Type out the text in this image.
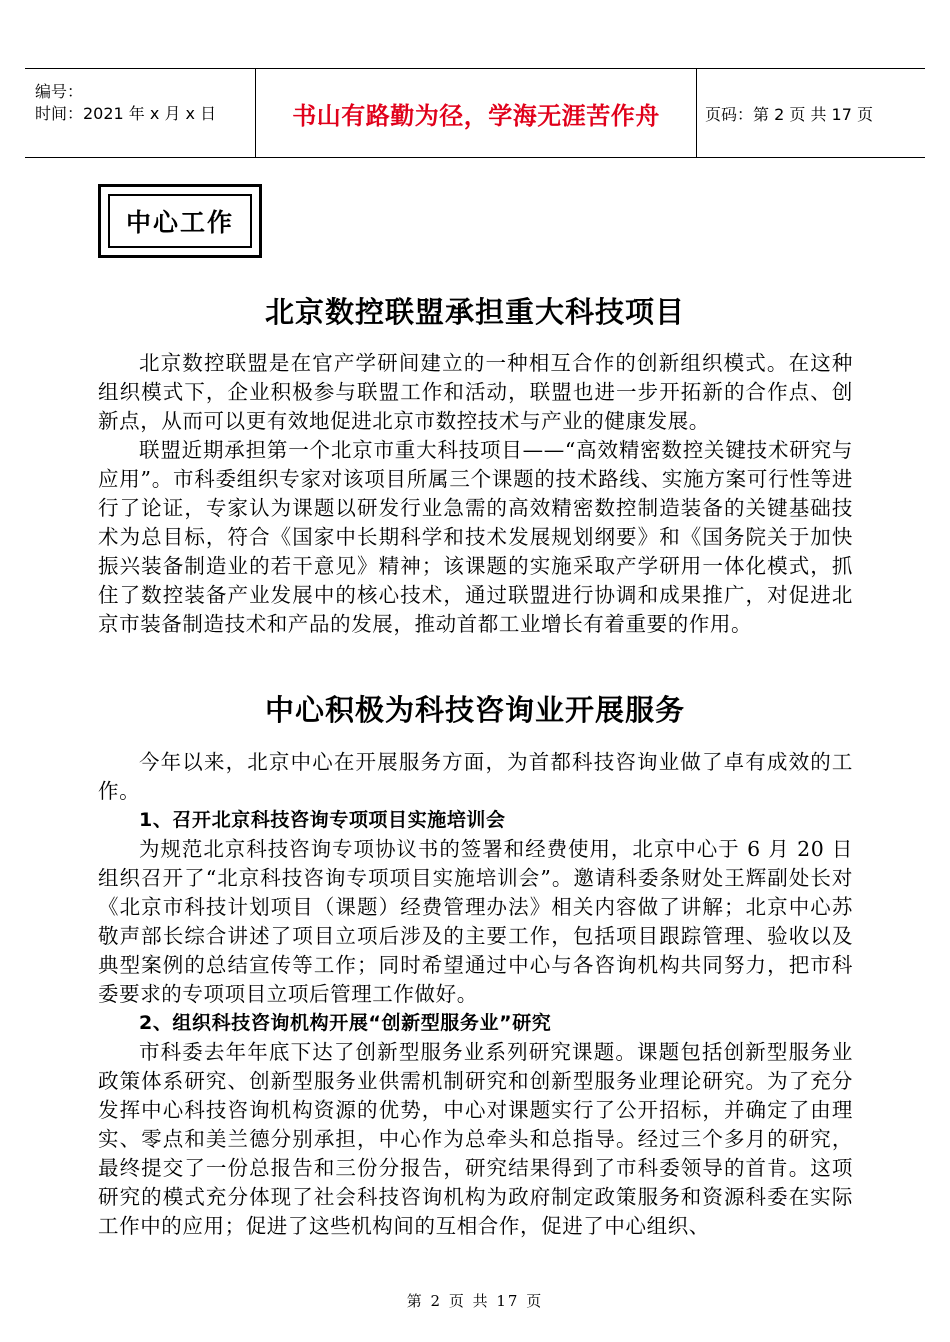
编号：
时间：2021 年 x 月 x 日	书山有路勤为径，学海无涯苦作舟	页码：第 2 页 共 17 页
中心工作
北京数控联盟承担重大科技项目

北京数控联盟是在官产学研间建立的一种相互合作的创新组织模式。在这种组织模式下，企业积极参与联盟工作和活动，联盟也进一步开拓新的合作点、创新点，从而可以更有效地促进北京市数控技术与产业的健康发展。

联盟近期承担第一个北京市重大科技项目——“高效精密数控关键技术研究与应用”。市科委组织专家对该项目所属三个课题的技术路线、实施方案可行性等进行了论证，专家认为课题以研发行业急需的高效精密数控制造装备的关键基础技术为总目标，符合《国家中长期科学和技术发展规划纲要》和《国务院关于加快振兴装备制造业的若干意见》精神；该课题的实施采取产学研用一体化模式，抓住了数控装备产业发展中的核心技术，通过联盟进行协调和成果推广，对促进北京市装备制造技术和产品的发展，推动首都工业增长有着重要的作用。

中心积极为科技咨询业开展服务

今年以来，北京中心在开展服务方面，为首都科技咨询业做了卓有成效的工作。

1、召开北京科技咨询专项项目实施培训会

为规范北京科技咨询专项协议书的签署和经费使用，北京中心于 6 月 20 日组织召开了“北京科技咨询专项项目实施培训会”。邀请科委条财处王辉副处长对《北京市科技计划项目（课题）经费管理办法》相关内容做了讲解；北京中心苏敬声部长综合讲述了项目立项后涉及的主要工作，包括项目跟踪管理、验收以及典型案例的总结宣传等工作；同时希望通过中心与各咨询机构共同努力，把市科委要求的专项项目立项后管理工作做好。

2、组织科技咨询机构开展“创新型服务业”研究

市科委去年年底下达了创新型服务业系列研究课题。课题包括创新型服务业政策体系研究、创新型服务业供需机制研究和创新型服务业理论研究。为了充分发挥中心科技咨询机构资源的优势，中心对课题实行了公开招标，并确定了由理实、零点和美兰德分别承担，中心作为总牵头和总指导。经过三个多月的研究，最终提交了一份总报告和三份分报告，研究结果得到了市科委领导的首肯。这项研究的模式充分体现了社会科技咨询机构为政府制定政策服务和资源科委在实际工作中的应用；促进了这些机构间的互相合作，促进了中心组织、

第 2 页 共 17 页
